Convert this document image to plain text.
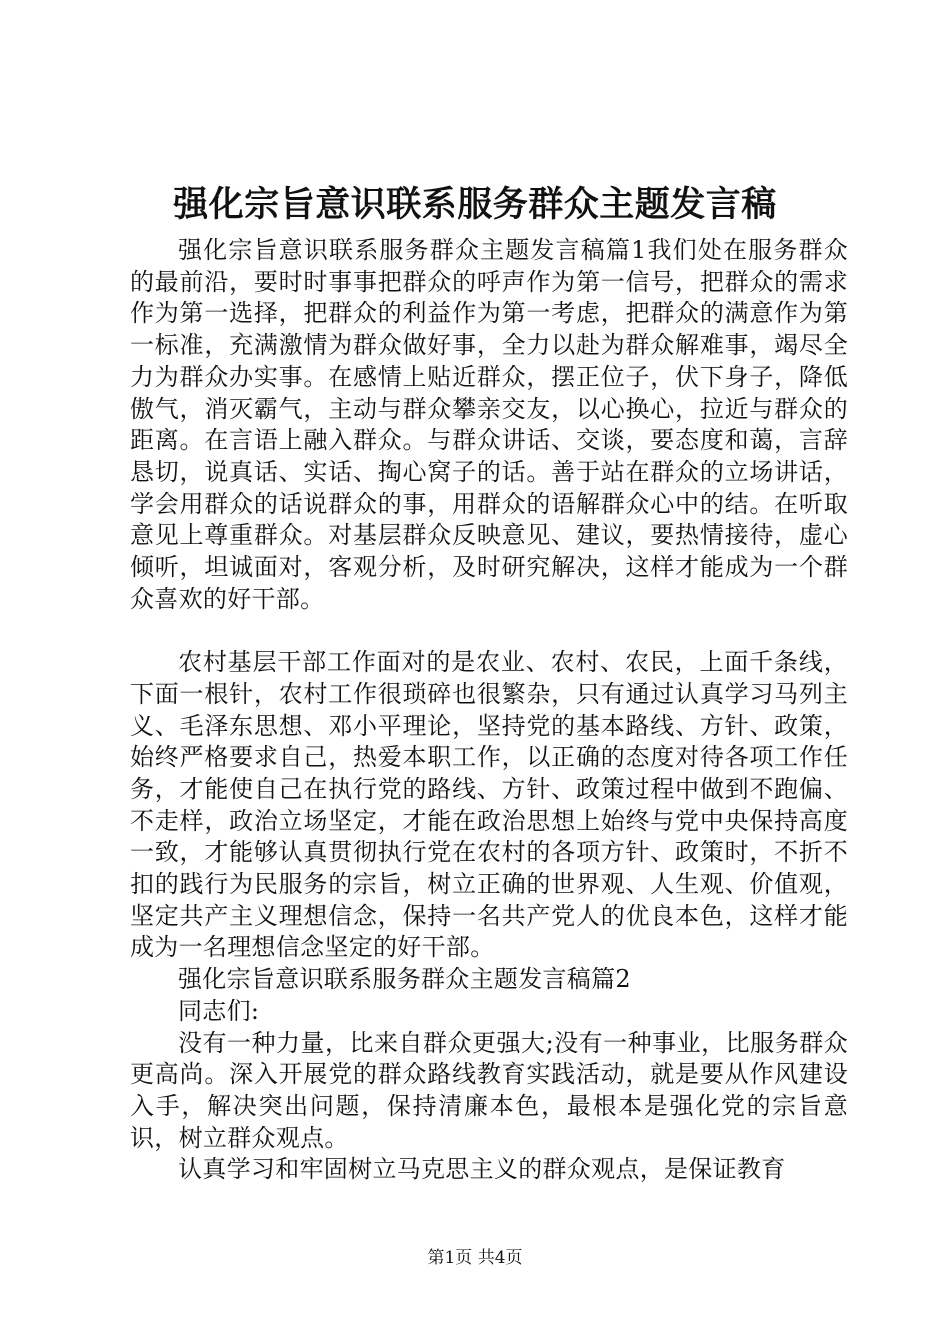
强化宗旨意识联系服务群众主题发言稿

强化宗旨意识联系服务群众主题发言稿篇1我们处在服务群众的最前沿，要时时事事把群众的呼声作为第一信号，把群众的需求作为第一选择，把群众的利益作为第一考虑，把群众的满意作为第一标准，充满激情为群众做好事，全力以赴为群众解难事，竭尽全力为群众办实事。在感情上贴近群众，摆正位子，伏下身子，降低傲气，消灭霸气，主动与群众攀亲交友，以心换心，拉近与群众的距离。在言语上融入群众。与群众讲话、交谈，要态度和蔼，言辞恳切，说真话、实话、掏心窝子的话。善于站在群众的立场讲话，学会用群众的话说群众的事，用群众的语解群众心中的结。在听取意见上尊重群众。对基层群众反映意见、建议，要热情接待，虚心倾听，坦诚面对，客观分析，及时研究解决，这样才能成为一个群众喜欢的好干部。

农村基层干部工作面对的是农业、农村、农民，上面千条线，下面一根针，农村工作很琐碎也很繁杂，只有通过认真学习马列主义、毛泽东思想、邓小平理论，坚持党的基本路线、方针、政策，始终严格要求自己，热爱本职工作，以正确的态度对待各项工作任务，才能使自己在执行党的路线、方针、政策过程中做到不跑偏、不走样，政治立场坚定，才能在政治思想上始终与党中央保持高度一致，才能够认真贯彻执行党在农村的各项方针、政策时，不折不扣的践行为民服务的宗旨，树立正确的世界观、人生观、价值观，坚定共产主义理想信念，保持一名共产党人的优良本色，这样才能成为一名理想信念坚定的好干部。

强化宗旨意识联系服务群众主题发言稿篇2

同志们:

没有一种力量，比来自群众更强大;没有一种事业，比服务群众更高尚。深入开展党的群众路线教育实践活动，就是要从作风建设入手，解决突出问题，保持清廉本色，最根本是强化党的宗旨意识，树立群众观点。

认真学习和牢固树立马克思主义的群众观点，是保证教育

第1页 共4页
